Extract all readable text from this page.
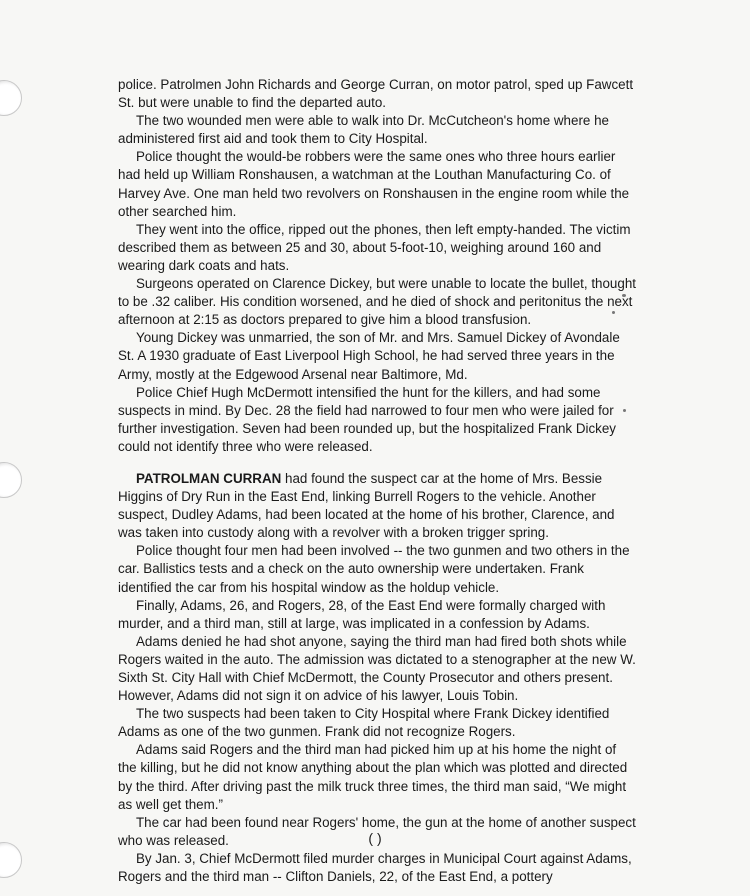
police. Patrolmen John Richards and George Curran, on motor patrol, sped up Fawcett St. but were unable to find the departed auto.

The two wounded men were able to walk into Dr. McCutcheon's home where he administered first aid and took them to City Hospital.

Police thought the would-be robbers were the same ones who three hours earlier had held up William Ronshausen, a watchman at the Louthan Manufacturing Co. of Harvey Ave. One man held two revolvers on Ronshausen in the engine room while the other searched him.

They went into the office, ripped out the phones, then left empty-handed. The victim described them as between 25 and 30, about 5-foot-10, weighing around 160 and wearing dark coats and hats.

Surgeons operated on Clarence Dickey, but were unable to locate the bullet, thought to be .32 caliber. His condition worsened, and he died of shock and peritonitus the next afternoon at 2:15 as doctors prepared to give him a blood transfusion.

Young Dickey was unmarried, the son of Mr. and Mrs. Samuel Dickey of Avondale St. A 1930 graduate of East Liverpool High School, he had served three years in the Army, mostly at the Edgewood Arsenal near Baltimore, Md.

Police Chief Hugh McDermott intensified the hunt for the killers, and had some suspects in mind. By Dec. 28 the field had narrowed to four men who were jailed for further investigation. Seven had been rounded up, but the hospitalized Frank Dickey could not identify three who were released.

PATROLMAN CURRAN had found the suspect car at the home of Mrs. Bessie Higgins of Dry Run in the East End, linking Burrell Rogers to the vehicle. Another suspect, Dudley Adams, had been located at the home of his brother, Clarence, and was taken into custody along with a revolver with a broken trigger spring.

Police thought four men had been involved -- the two gunmen and two others in the car. Ballistics tests and a check on the auto ownership were undertaken. Frank identified the car from his hospital window as the holdup vehicle.

Finally, Adams, 26, and Rogers, 28, of the East End were formally charged with murder, and a third man, still at large, was implicated in a confession by Adams.

Adams denied he had shot anyone, saying the third man had fired both shots while Rogers waited in the auto. The admission was dictated to a stenographer at the new W. Sixth St. City Hall with Chief McDermott, the County Prosecutor and others present. However, Adams did not sign it on advice of his lawyer, Louis Tobin.

The two suspects had been taken to City Hospital where Frank Dickey identified Adams as one of the two gunmen. Frank did not recognize Rogers.

Adams said Rogers and the third man had picked him up at his home the night of the killing, but he did not know anything about the plan which was plotted and directed by the third. After driving past the milk truck three times, the third man said, “We might as well get them.”

The car had been found near Rogers' home, the gun at the home of another suspect who was released.

By Jan. 3, Chief McDermott filed murder charges in Municipal Court against Adams, Rogers and the third man -- Clifton Daniels, 22, of the East End, a pottery

( )
